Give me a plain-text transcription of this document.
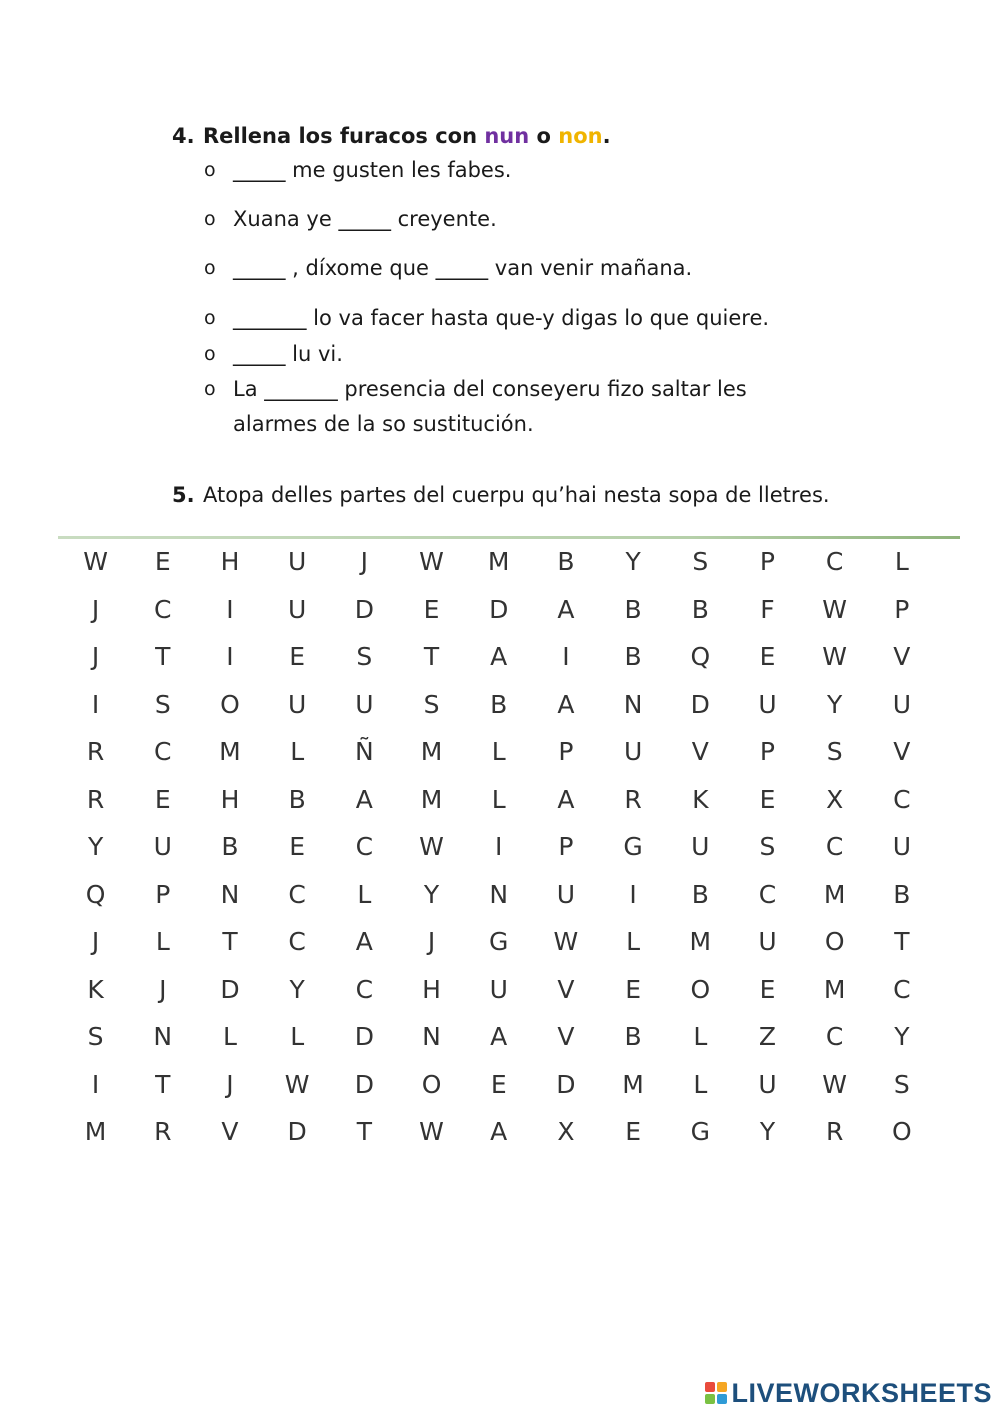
4. Rellena los furacos con nun o non.
o _____ me gusten les fabes.
o Xuana ye _____ creyente.
o _____ , díxome que _____ van venir mañana.
o _______ lo va facer hasta que-y digas lo que quiere.
o _____ lu vi.
o La _______ presencia del conseyeru fizo saltar les
alarmes de la so sustitución.
5. Atopa delles partes del cuerpu qu’hai nesta sopa de lletres.
W	E	H	U	J	W	M	B	Y	S	P	C	L
J	C	I	U	D	E	D	A	B	B	F	W	P
J	T	I	E	S	T	A	I	B	Q	E	W	V
I	S	O	U	U	S	B	A	N	D	U	Y	U
R	C	M	L	Ñ	M	L	P	U	V	P	S	V
R	E	H	B	A	M	L	A	R	K	E	X	C
Y	U	B	E	C	W	I	P	G	U	S	C	U
Q	P	N	C	L	Y	N	U	I	B	C	M	B
J	L	T	C	A	J	G	W	L	M	U	O	T
K	J	D	Y	C	H	U	V	E	O	E	M	C
S	N	L	L	D	N	A	V	B	L	Z	C	Y
I	T	J	W	D	O	E	D	M	L	U	W	S
M	R	V	D	T	W	A	X	E	G	Y	R	O
LIVEWORKSHEETS
